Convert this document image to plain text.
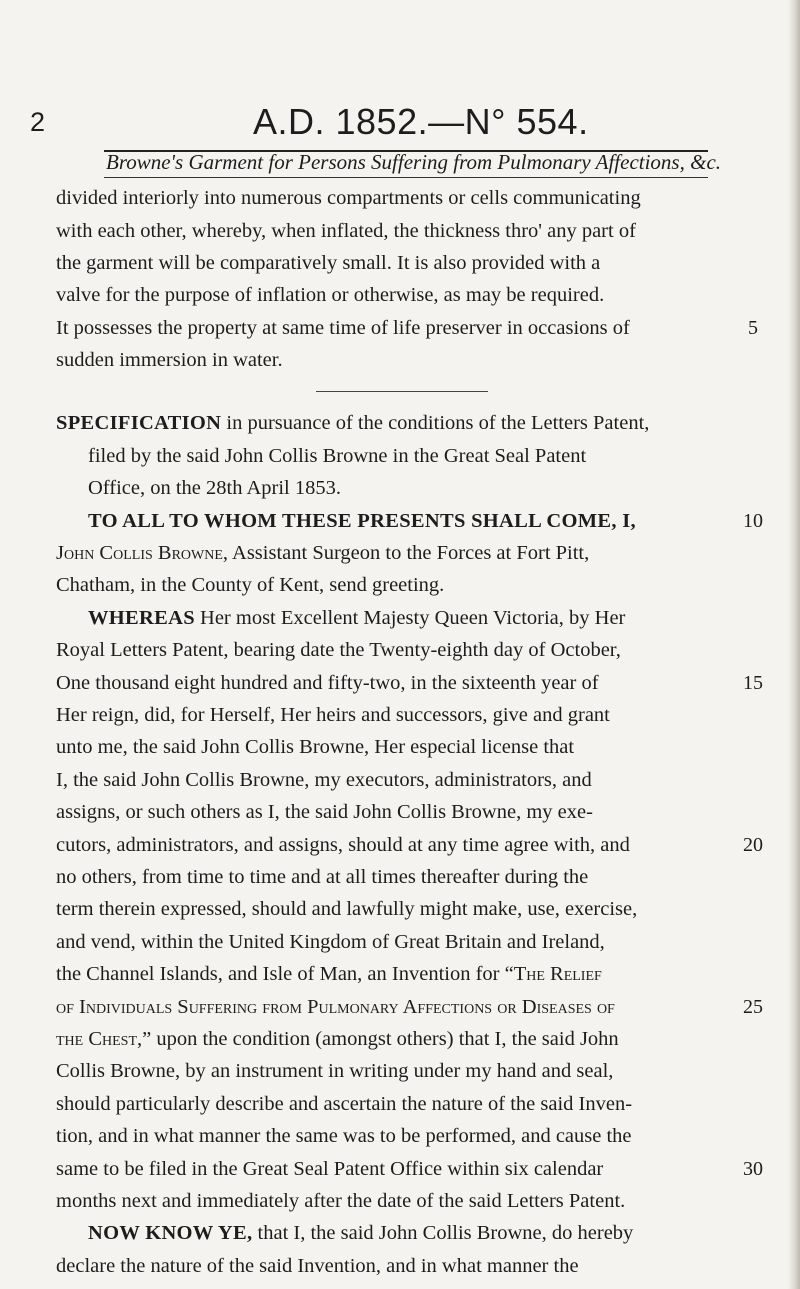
2	A.D. 1852.—N° 554.
Browne's Garment for Persons Suffering from Pulmonary Affections, &c.
divided interiorly into numerous compartments or cells communicating
with each other, whereby, when inflated, the thickness thro' any part of
the garment will be comparatively small. It is also provided with a
valve for the purpose of inflation or otherwise, as may be required.
It possesses the property at same time of life preserver in occasions of
sudden immersion in water.
SPECIFICATION in pursuance of the conditions of the Letters Patent,
filed by the said John Collis Browne in the Great Seal Patent
Office, on the 28th April 1853.
TO ALL TO WHOM THESE PRESENTS SHALL COME, I,
John Collis Browne, Assistant Surgeon to the Forces at Fort Pitt,
Chatham, in the County of Kent, send greeting.
WHEREAS Her most Excellent Majesty Queen Victoria, by Her
Royal Letters Patent, bearing date the Twenty-eighth day of October,
One thousand eight hundred and fifty-two, in the sixteenth year of
Her reign, did, for Herself, Her heirs and successors, give and grant
unto me, the said John Collis Browne, Her especial license that
I, the said John Collis Browne, my executors, administrators, and
assigns, or such others as I, the said John Collis Browne, my exe-
cutors, administrators, and assigns, should at any time agree with, and
no others, from time to time and at all times thereafter during the
term therein expressed, should and lawfully might make, use, exercise,
and vend, within the United Kingdom of Great Britain and Ireland,
the Channel Islands, and Isle of Man, an Invention for “The Relief
of Individuals Suffering from Pulmonary Affections or Diseases of
the Chest,” upon the condition (amongst others) that I, the said John
Collis Browne, by an instrument in writing under my hand and seal,
should particularly describe and ascertain the nature of the said Inven-
tion, and in what manner the same was to be performed, and cause the
same to be filed in the Great Seal Patent Office within six calendar
months next and immediately after the date of the said Letters Patent.
NOW KNOW YE, that I, the said John Collis Browne, do hereby
declare the nature of the said Invention, and in what manner the
5
10
15
20
25
30
